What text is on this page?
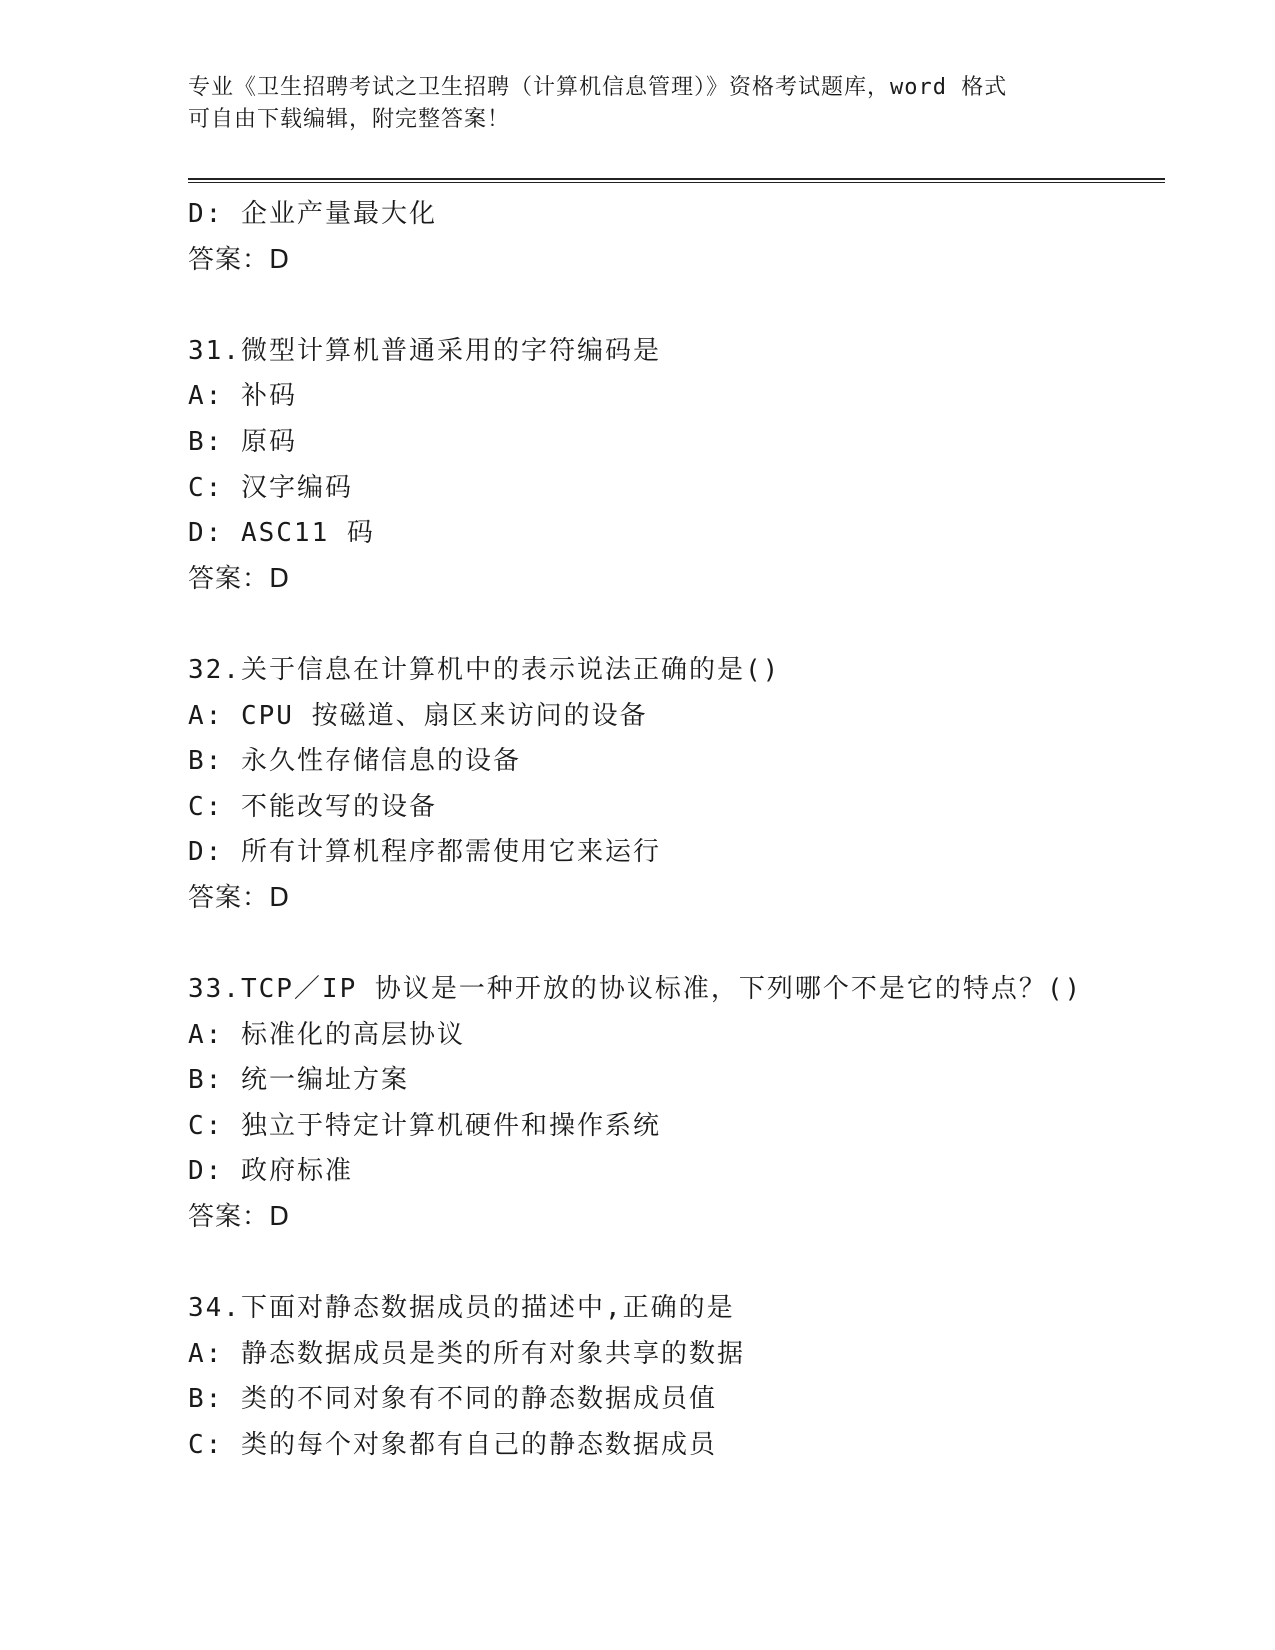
专业《卫生招聘考试之卫生招聘（计算机信息管理）》资格考试题库，word 格式
可自由下载编辑，附完整答案！
D: 企业产量最大化
答案：D
31.微型计算机普通采用的字符编码是
A: 补码
B: 原码
C: 汉字编码
D: ASC11 码
答案：D
32.关于信息在计算机中的表示说法正确的是()
A: CPU 按磁道、扇区来访问的设备
B: 永久性存储信息的设备
C: 不能改写的设备
D: 所有计算机程序都需使用它来运行
答案：D
33.TCP／IP 协议是一种开放的协议标准，下列哪个不是它的特点？()
A: 标准化的高层协议
B: 统一编址方案
C: 独立于特定计算机硬件和操作系统
D: 政府标准
答案：D
34.下面对静态数据成员的描述中,正确的是
A: 静态数据成员是类的所有对象共享的数据
B: 类的不同对象有不同的静态数据成员值
C: 类的每个对象都有自己的静态数据成员
